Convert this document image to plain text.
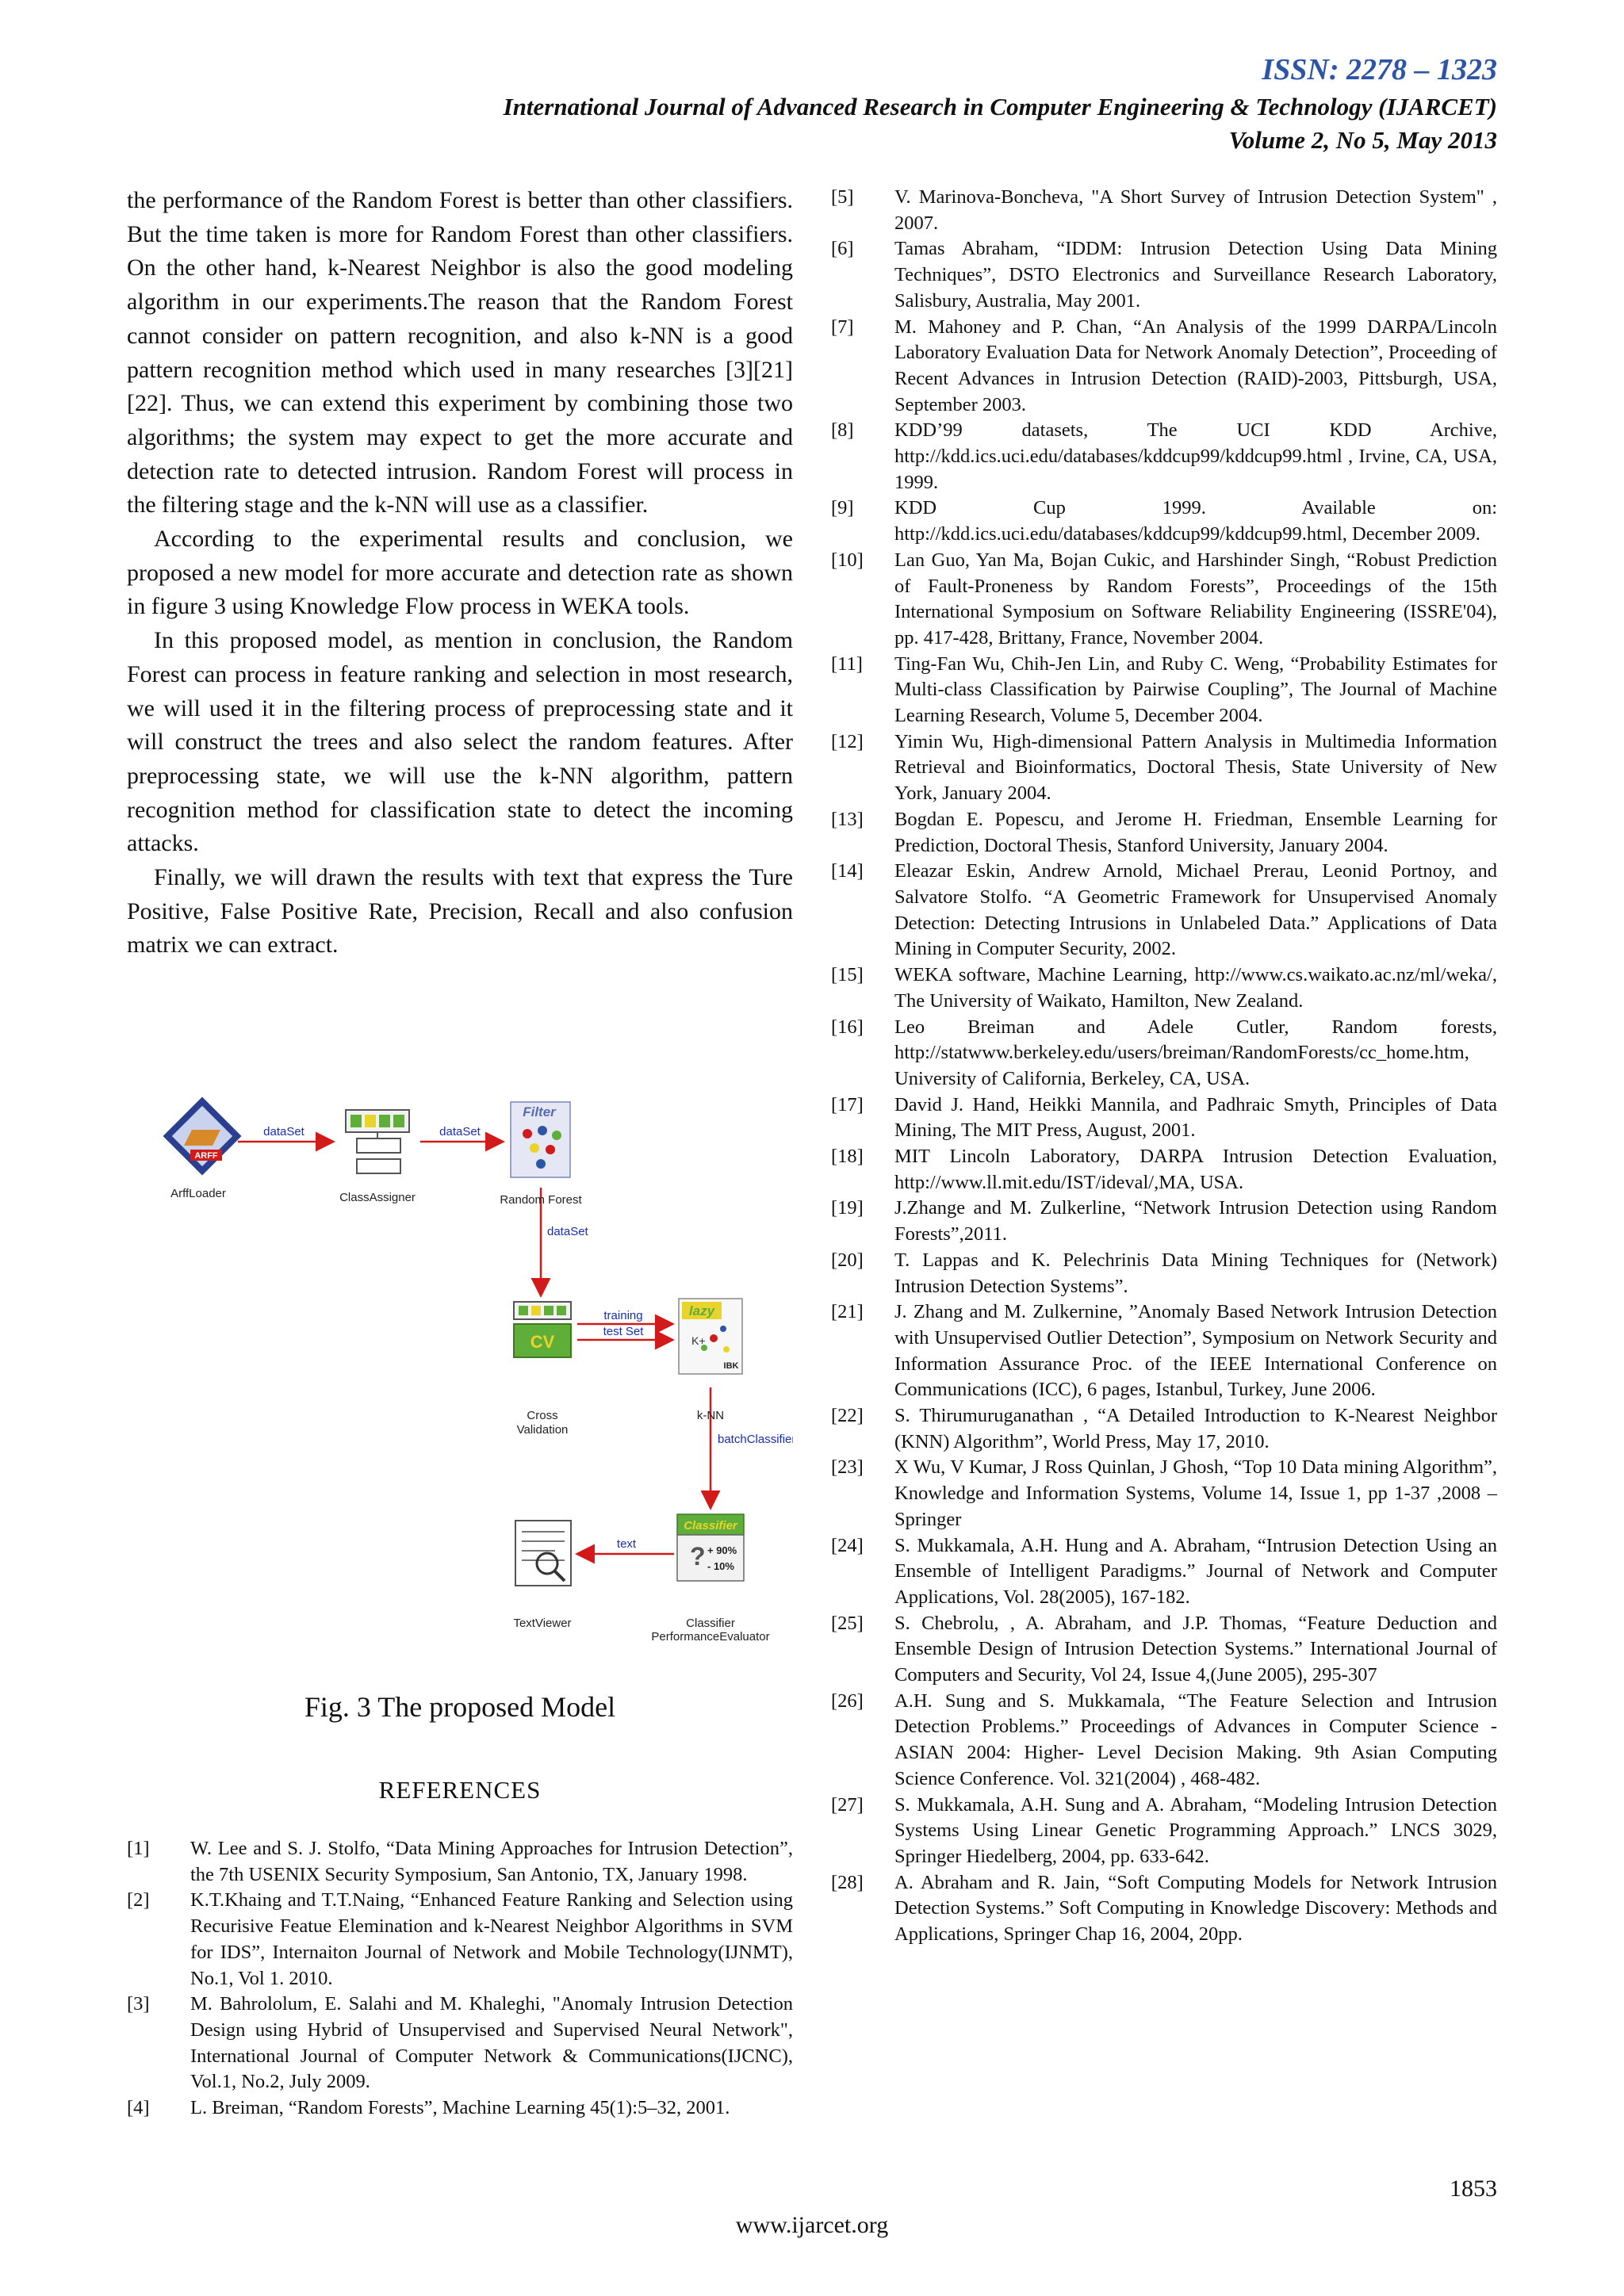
ISSN: 2278 – 1323
International Journal of Advanced Research in Computer Engineering & Technology (IJARCET)
Volume 2, No 5, May 2013

the performance of the Random Forest is better than other classifiers. But the time taken is more for Random Forest than other classifiers. On the other hand, k-Nearest Neighbor is also the good modeling algorithm in our experiments.The reason that the Random Forest cannot consider on pattern recognition, and also k-NN is a good pattern recognition method which used in many researches [3][21][22]. Thus, we can extend this experiment by combining those two algorithms; the system may expect to get the more accurate and detection rate to detected intrusion. Random Forest will process in the filtering stage and the k-NN will use as a classifier.

According to the experimental results and conclusion, we proposed a new model for more accurate and detection rate as shown in figure 3 using Knowledge Flow process in WEKA tools.

In this proposed model, as mention in conclusion, the Random Forest can process in feature ranking and selection in most research, we will used it in the filtering process of preprocessing state and it will construct the trees and also select the random features. After preprocessing state, we will use the k-NN algorithm, pattern recognition method for classification state to detect the incoming attacks.

Finally, we will drawn the results with text that express the Ture Positive, False Positive Rate, Precision, Recall and also confusion matrix we can extract.

dataSet	dataSet
dataSet
training
test Set
batchClassifier
text
ARFF
ArffLoader	ClassAssigner
Filter
Random Forest
CV
Cross
Validation
lazy
K+
IBK
k-NN
Classifier
? + 90%
- 10%
Classifier
PerformanceEvaluator
TextViewer
Fig. 3 The proposed Model
REFERENCES
[1] W. Lee and S. J. Stolfo, “Data Mining Approaches for Intrusion Detection”, the 7th USENIX Security Symposium, San Antonio, TX, January 1998.
[2] K.T.Khaing and T.T.Naing, “Enhanced Feature Ranking and Selection using Recurisive Featue Elemination and k-Nearest Neighbor Algorithms in SVM for IDS”, Internaiton Journal of Network and Mobile Technology(IJNMT), No.1, Vol 1. 2010.
[3] M. Bahrololum, E. Salahi and M. Khaleghi, "Anomaly Intrusion Detection Design using Hybrid of Unsupervised and Supervised Neural Network", International Journal of Computer Network & Communications(IJCNC), Vol.1, No.2, July 2009.
[4] L. Breiman, “Random Forests”, Machine Learning 45(1):5–32, 2001.
[5] V. Marinova-Boncheva, "A Short Survey of Intrusion Detection System" , 2007.
[6] Tamas Abraham, “IDDM: Intrusion Detection Using Data Mining Techniques”, DSTO Electronics and Surveillance Research Laboratory, Salisbury, Australia, May 2001.
[7] M. Mahoney and P. Chan, “An Analysis of the 1999 DARPA/Lincoln Laboratory Evaluation Data for Network Anomaly Detection”, Proceeding of Recent Advances in Intrusion Detection (RAID)-2003, Pittsburgh, USA, September 2003.
[8] KDD’99 datasets, The UCI KDD Archive, http://kdd.ics.uci.edu/databases/kddcup99/kddcup99.html , Irvine, CA, USA, 1999.
[9] KDD Cup 1999. Available on: http://kdd.ics.uci.edu/databases/kddcup99/kddcup99.html, December 2009.
[10] Lan Guo, Yan Ma, Bojan Cukic, and Harshinder Singh, “Robust Prediction of Fault-Proneness by Random Forests”, Proceedings of the 15th International Symposium on Software Reliability Engineering (ISSRE'04), pp. 417-428, Brittany, France, November 2004.
[11] Ting-Fan Wu, Chih-Jen Lin, and Ruby C. Weng, “Probability Estimates for Multi-class Classification by Pairwise Coupling”, The Journal of Machine Learning Research, Volume 5, December 2004.
[12] Yimin Wu, High-dimensional Pattern Analysis in Multimedia Information Retrieval and Bioinformatics, Doctoral Thesis, State University of New York, January 2004.
[13] Bogdan E. Popescu, and Jerome H. Friedman, Ensemble Learning for Prediction, Doctoral Thesis, Stanford University, January 2004.
[14] Eleazar Eskin, Andrew Arnold, Michael Prerau, Leonid Portnoy, and Salvatore Stolfo. “A Geometric Framework for Unsupervised Anomaly Detection: Detecting Intrusions in Unlabeled Data.” Applications of Data Mining in Computer Security, 2002.
[15] WEKA software, Machine Learning, http://www.cs.waikato.ac.nz/ml/weka/, The University of Waikato, Hamilton, New Zealand.
[16] Leo Breiman and Adele Cutler, Random forests, http://statwww.berkeley.edu/users/breiman/RandomForests/cc_home.htm, University of California, Berkeley, CA, USA.
[17] David J. Hand, Heikki Mannila, and Padhraic Smyth, Principles of Data Mining, The MIT Press, August, 2001.
[18] MIT Lincoln Laboratory, DARPA Intrusion Detection Evaluation, http://www.ll.mit.edu/IST/ideval/,MA, USA.
[19] J.Zhange and M. Zulkerline, “Network Intrusion Detection using Random Forests”,2011.
[20] T. Lappas and K. Pelechrinis Data Mining Techniques for (Network) Intrusion Detection Systems”.
[21] J. Zhang and M. Zulkernine, ”Anomaly Based Network Intrusion Detection with Unsupervised Outlier Detection”, Symposium on Network Security and Information Assurance Proc. of the IEEE International Conference on Communications (ICC), 6 pages, Istanbul, Turkey, June 2006.
[22] S. Thirumuruganathan , “A Detailed Introduction to K-Nearest Neighbor (KNN) Algorithm”, World Press, May 17, 2010.
[23] X Wu, V Kumar, J Ross Quinlan, J Ghosh, “Top 10 Data mining Algorithm”, Knowledge and Information Systems, Volume 14, Issue 1, pp 1-37 ,2008 – Springer
[24] S. Mukkamala, A.H. Hung and A. Abraham, “Intrusion Detection Using an Ensemble of Intelligent Paradigms.” Journal of Network and Computer Applications, Vol. 28(2005), 167-182.
[25] S. Chebrolu, , A. Abraham, and J.P. Thomas, “Feature Deduction and Ensemble Design of Intrusion Detection Systems.” International Journal of Computers and Security, Vol 24, Issue 4,(June 2005), 295-307
[26] A.H. Sung and S. Mukkamala, “The Feature Selection and Intrusion Detection Problems.” Proceedings of Advances in Computer Science - ASIAN 2004: Higher- Level Decision Making. 9th Asian Computing Science Conference. Vol. 321(2004) , 468-482.
[27] S. Mukkamala, A.H. Sung and A. Abraham, “Modeling Intrusion Detection Systems Using Linear Genetic Programming Approach.” LNCS 3029, Springer Hiedelberg, 2004, pp. 633-642.
[28] A. Abraham and R. Jain, “Soft Computing Models for Network Intrusion Detection Systems.” Soft Computing in Knowledge Discovery: Methods and Applications, Springer Chap 16, 2004, 20pp.
1853
www.ijarcet.org
